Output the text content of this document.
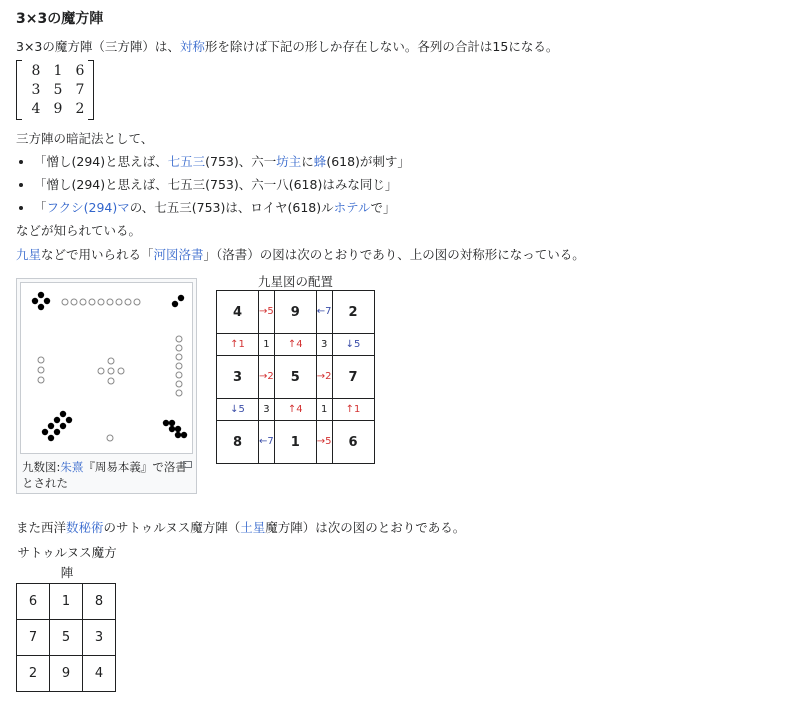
3×3の魔方陣
3×3の魔方陣（三方陣）は、対称形を除けば下記の形しか存在しない。各列の合計は15になる。
8	1	6
3	5	7
4	9	2
三方陣の暗記法として、
• 「憎し(294)と思えば、七五三(753)、六一坊主に蜂(618)が刺す」
• 「憎し(294)と思えば、七五三(753)、六一八(618)はみな同じ」
• 「フクシ(294)マの、七五三(753)は、ロイヤ(618)ルホテルで」
などが知られている。
九星などで用いられる「河図洛書」（洛書）の図は次のとおりであり、上の図の対称形になっている。
九数図:朱熹『周易本義』で洛書とされた
九星図の配置
4	→5	9	←7	2
↑1	1	↑4	3	↓5
3	→2	5	→2	7
↓5	3	↑4	1	↑1
8	←7	1	→5	6
また西洋数秘術のサトゥルヌス魔方陣（土星魔方陣）は次の図のとおりである。
サトゥルヌス魔方陣
6	1	8
7	5	3
2	9	4
